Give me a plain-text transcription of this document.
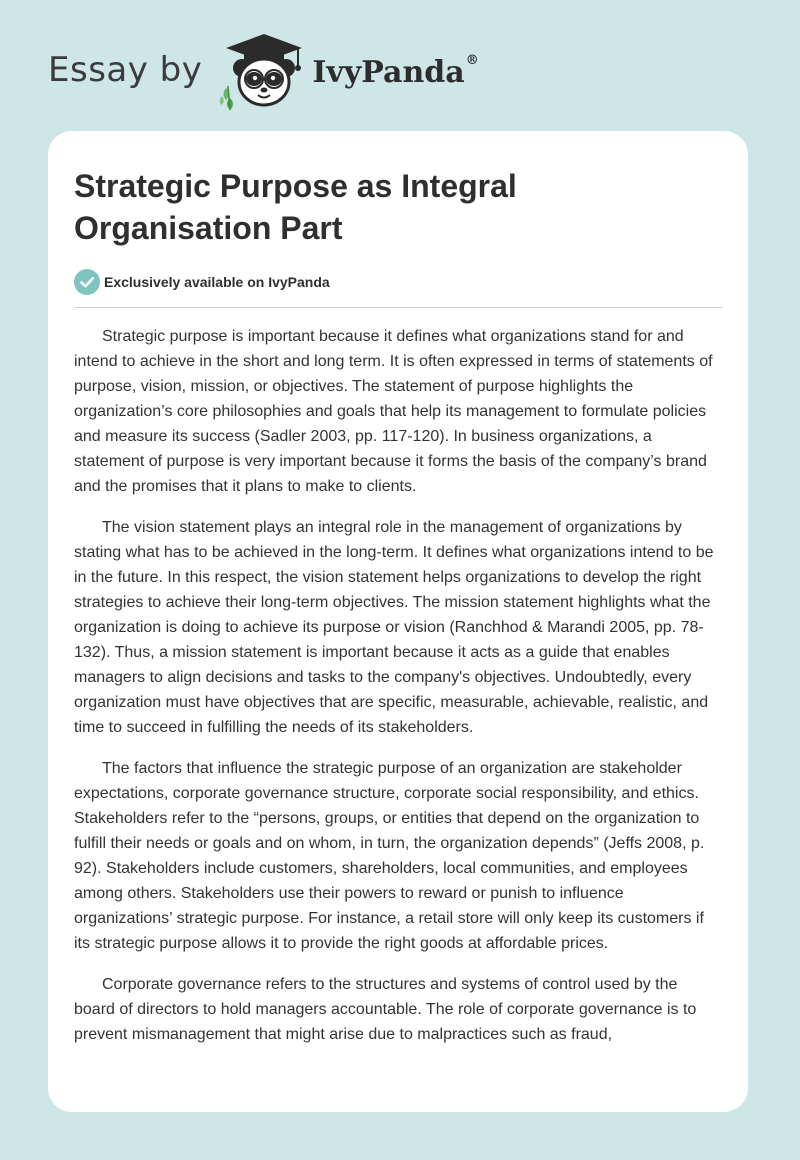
Essay by	IvyPanda®
Strategic Purpose as Integral Organisation Part
Exclusively available on IvyPanda

Strategic purpose is important because it defines what organizations stand for and intend to achieve in the short and long term. It is often expressed in terms of statements of purpose, vision, mission, or objectives. The statement of purpose highlights the organization’s core philosophies and goals that help its management to formulate policies and measure its success (Sadler 2003, pp. 117-120). In business organizations, a statement of purpose is very important because it forms the basis of the company’s brand and the promises that it plans to make to clients.

The vision statement plays an integral role in the management of organizations by stating what has to be achieved in the long-term. It defines what organizations intend to be in the future. In this respect, the vision statement helps organizations to develop the right strategies to achieve their long-term objectives. The mission statement highlights what the organization is doing to achieve its purpose or vision (Ranchhod & Marandi 2005, pp. 78-132). Thus, a mission statement is important because it acts as a guide that enables managers to align decisions and tasks to the company's objectives. Undoubtedly, every organization must have objectives that are specific, measurable, achievable, realistic, and time to succeed in fulfilling the needs of its stakeholders.

The factors that influence the strategic purpose of an organization are stakeholder expectations, corporate governance structure, corporate social responsibility, and ethics. Stakeholders refer to the “persons, groups, or entities that depend on the organization to fulfill their needs or goals and on whom, in turn, the organization depends” (Jeffs 2008, p. 92). Stakeholders include customers, shareholders, local communities, and employees among others. Stakeholders use their powers to reward or punish to influence organizations’ strategic purpose. For instance, a retail store will only keep its customers if its strategic purpose allows it to provide the right goods at affordable prices.

Corporate governance refers to the structures and systems of control used by the board of directors to hold managers accountable. The role of corporate governance is to prevent mismanagement that might arise due to malpractices such as fraud,
